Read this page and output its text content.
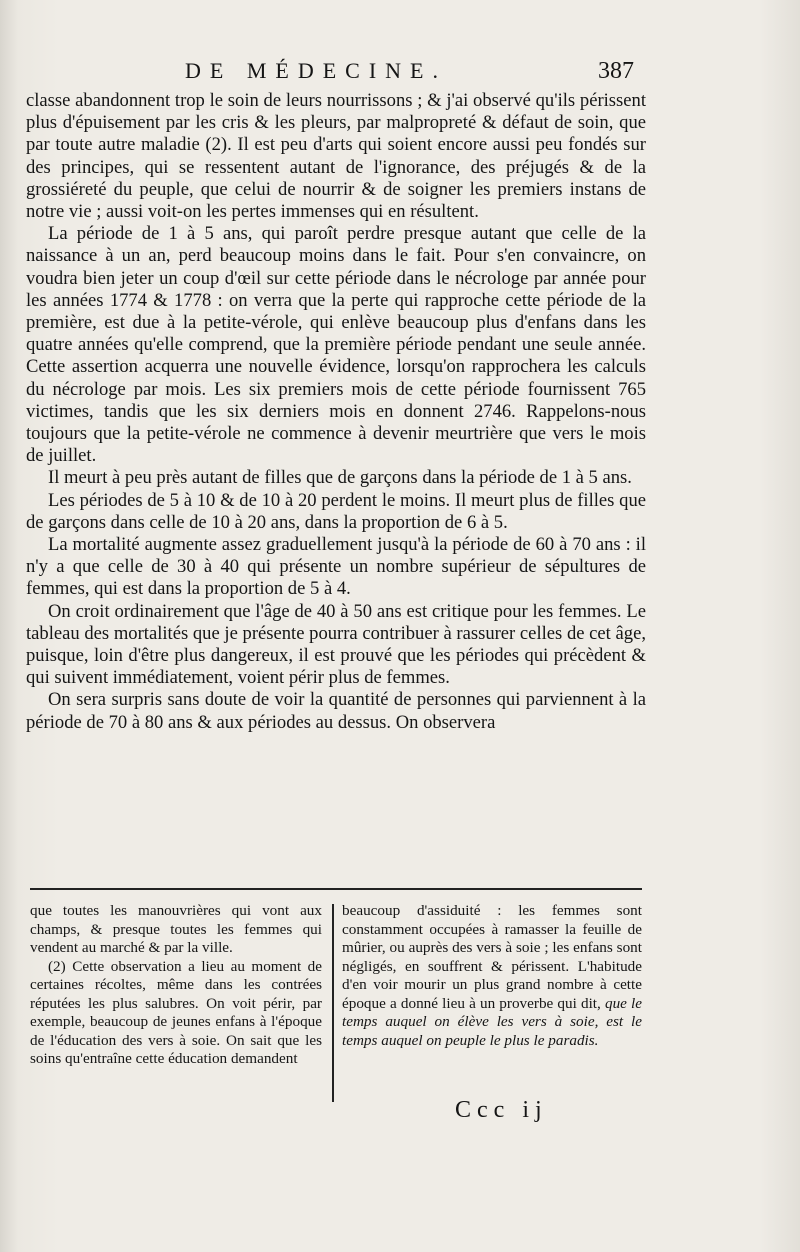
DE MÉDECINE.	387

classe abandonnent trop le soin de leurs nourrissons ; & j'ai observé qu'ils périssent plus d'épuisement par les cris & les pleurs, par malpropreté & défaut de soin, que par toute autre maladie (2). Il est peu d'arts qui soient encore aussi peu fondés sur des principes, qui se ressentent autant de l'ignorance, des préjugés & de la grossiéreté du peuple, que celui de nourrir & de soigner les premiers instans de notre vie ; aussi voit-on les pertes immenses qui en résultent.

La période de 1 à 5 ans, qui paroît perdre presque autant que celle de la naissance à un an, perd beaucoup moins dans le fait. Pour s'en convaincre, on voudra bien jeter un coup d'œil sur cette période dans le nécrologe par année pour les années 1774 & 1778 : on verra que la perte qui rapproche cette période de la première, est due à la petite-vérole, qui enlève beaucoup plus d'enfans dans les quatre années qu'elle comprend, que la première période pendant une seule année. Cette assertion acquerra une nouvelle évidence, lorsqu'on rapprochera les calculs du nécrologe par mois. Les six premiers mois de cette période fournissent 765 victimes, tandis que les six derniers mois en donnent 2746. Rappelons-nous toujours que la petite-vérole ne commence à devenir meurtrière que vers le mois de juillet.

Il meurt à peu près autant de filles que de garçons dans la période de 1 à 5 ans.

Les périodes de 5 à 10 & de 10 à 20 perdent le moins. Il meurt plus de filles que de garçons dans celle de 10 à 20 ans, dans la proportion de 6 à 5.

La mortalité augmente assez graduellement jusqu'à la période de 60 à 70 ans : il n'y a que celle de 30 à 40 qui présente un nombre supérieur de sépultures de femmes, qui est dans la proportion de 5 à 4.

On croit ordinairement que l'âge de 40 à 50 ans est critique pour les femmes. Le tableau des mortalités que je présente pourra contribuer à rassurer celles de cet âge, puisque, loin d'être plus dangereux, il est prouvé que les périodes qui précèdent & qui suivent immédiatement, voient périr plus de femmes.

On sera surpris sans doute de voir la quantité de personnes qui parviennent à la période de 70 à 80 ans & aux périodes au dessus. On observera

que toutes les manouvrières qui vont aux champs, & presque toutes les femmes qui vendent au marché & par la ville.

(2) Cette observation a lieu au moment de certaines récoltes, même dans les contrées réputées les plus salubres. On voit périr, par exemple, beaucoup de jeunes enfans à l'époque de l'éducation des vers à soie. On sait que les soins qu'entraîne cette éducation demandent

beaucoup d'assiduité : les femmes sont constamment occupées à ramasser la feuille de mûrier, ou auprès des vers à soie ; les enfans sont négligés, en souffrent & périssent. L'habitude d'en voir mourir un plus grand nombre à cette époque a donné lieu à un proverbe qui dit, que le temps auquel on élève les vers à soie, est le temps auquel on peuple le plus le paradis.

Ccc ij
